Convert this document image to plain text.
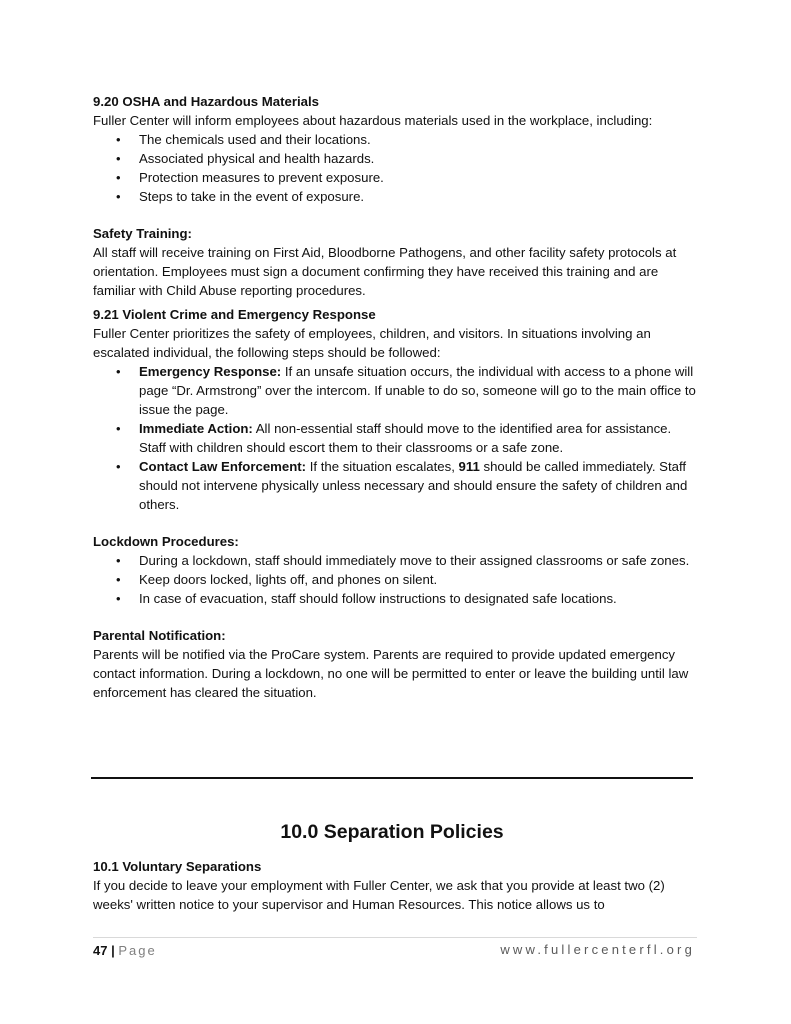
9.20 OSHA and Hazardous Materials

Fuller Center will inform employees about hazardous materials used in the workplace, including:

• The chemicals used and their locations.
• Associated physical and health hazards.
• Protection measures to prevent exposure.
• Steps to take in the event of exposure.

Safety Training:

All staff will receive training on First Aid, Bloodborne Pathogens, and other facility safety protocols at orientation. Employees must sign a document confirming they have received this training and are familiar with Child Abuse reporting procedures.

9.21 Violent Crime and Emergency Response

Fuller Center prioritizes the safety of employees, children, and visitors. In situations involving an escalated individual, the following steps should be followed:

• Emergency Response: If an unsafe situation occurs, the individual with access to a phone will page “Dr. Armstrong” over the intercom. If unable to do so, someone will go to the main office to issue the page.
• Immediate Action: All non-essential staff should move to the identified area for assistance. Staff with children should escort them to their classrooms or a safe zone.
• Contact Law Enforcement: If the situation escalates, 911 should be called immediately. Staff should not intervene physically unless necessary and should ensure the safety of children and others.

Lockdown Procedures:

• During a lockdown, staff should immediately move to their assigned classrooms or safe zones.
• Keep doors locked, lights off, and phones on silent.
• In case of evacuation, staff should follow instructions to designated safe locations.

Parental Notification:

Parents will be notified via the ProCare system. Parents are required to provide updated emergency contact information. During a lockdown, no one will be permitted to enter or leave the building until law enforcement has cleared the situation.

10.0 Separation Policies

10.1 Voluntary Separations

If you decide to leave your employment with Fuller Center, we ask that you provide at least two (2) weeks' written notice to your supervisor and Human Resources. This notice allows us to

47 | Page	www.fullercenterfl.org
